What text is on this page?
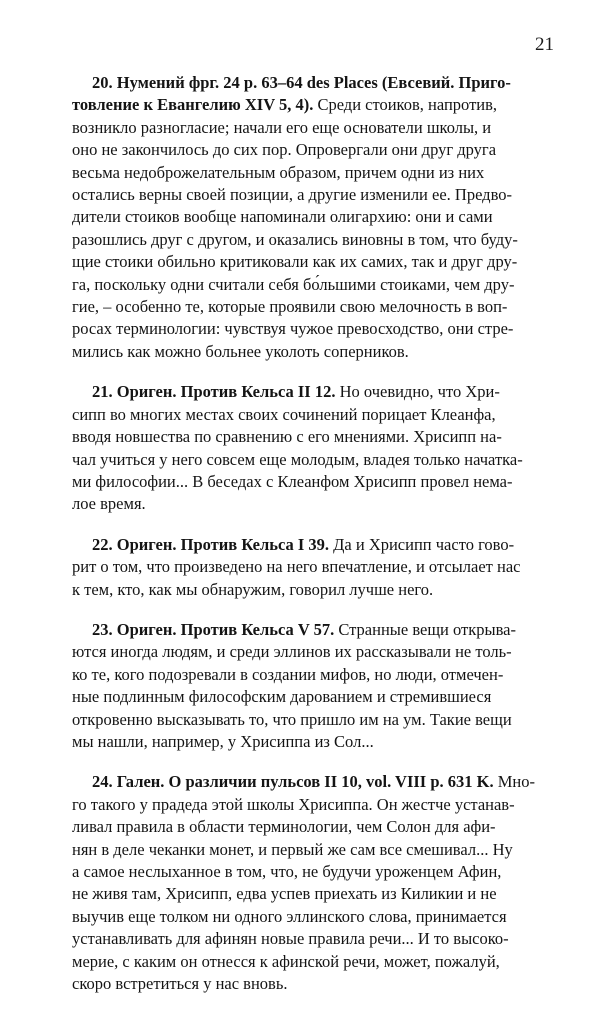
21
20. Нумений фрг. 24 p. 63–64 des Places (Евсевий. Приго-
товление к Евангелию XIV 5, 4). Среди стоиков, напротив,
возникло разногласие; начали его еще основатели школы, и
оно не закончилось до сих пор. Опровергали они друг друга
весьма недоброжелательным образом, причем одни из них
остались верны своей позиции, а другие изменили ее. Предво-
дители стоиков вообще напоминали олигархию: они и сами
разошлись друг с другом, и оказались виновны в том, что буду-
щие стоики обильно критиковали как их самих, так и друг дру-
га, поскольку одни считали себя бо́льшими стоиками, чем дру-
гие, – особенно те, которые проявили свою мелочность в воп-
росах терминологии: чувствуя чужое превосходство, они стре-
мились как можно больнее уколоть соперников.
21. Ориген. Против Кельса II 12. Но очевидно, что Хри-
сипп во многих местах своих сочинений порицает Клеанфа,
вводя новшества по сравнению с его мнениями. Хрисипп на-
чал учиться у него совсем еще молодым, владея только начатка-
ми философии... В беседах с Клеанфом Хрисипп провел нема-
лое время.
22. Ориген. Против Кельса I 39. Да и Хрисипп часто гово-
рит о том, что произведено на него впечатление, и отсылает нас
к тем, кто, как мы обнаружим, говорил лучше него.
23. Ориген. Против Кельса V 57. Странные вещи открыва-
ются иногда людям, и среди эллинов их рассказывали не толь-
ко те, кого подозревали в создании мифов, но люди, отмечен-
ные подлинным философским дарованием и стремившиеся
откровенно высказывать то, что пришло им на ум. Такие вещи
мы нашли, например, у Хрисиппа из Сол...
24. Гален. О различии пульсов II 10, vol. VIII p. 631 K. Мно-
го такого у прадеда этой школы Хрисиппа. Он жестче устанав-
ливал правила в области терминологии, чем Солон для афи-
нян в деле чеканки монет, и первый же сам все смешивал... Ну
а самое неслыханное в том, что, не будучи уроженцем Афин,
не живя там, Хрисипп, едва успев приехать из Киликии и не
выучив еще толком ни одного эллинского слова, принимается
устанавливать для афинян новые правила речи... И то высоко-
мерие, с каким он отнесся к афинской речи, может, пожалуй,
скоро встретиться у нас вновь.
